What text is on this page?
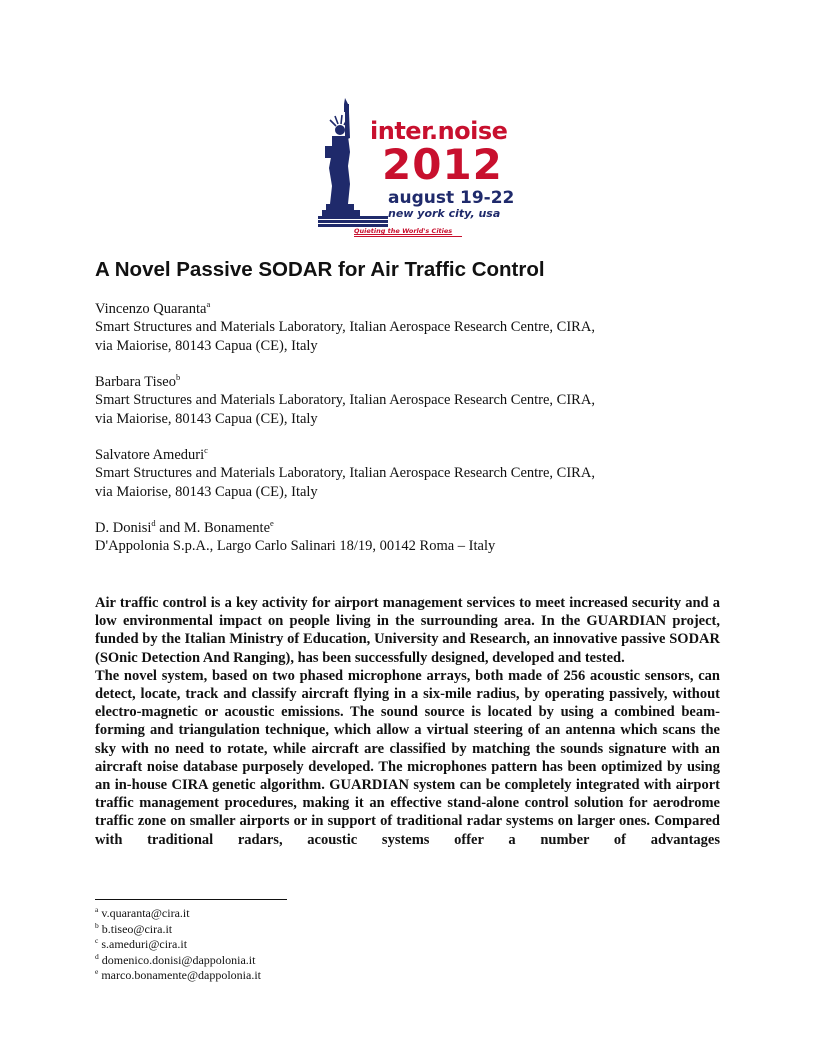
inter.noise
2012
august 19-22
new york city, usa
Quieting the World's Cities
A Novel Passive SODAR for Air Traffic Control
Vincenzo Quaranta$^a$
Smart Structures and Materials Laboratory, Italian Aerospace Research Centre, CIRA,
via Maiorise, 80143 Capua (CE), Italy
Barbara Tiseo$^b$
Smart Structures and Materials Laboratory, Italian Aerospace Research Centre, CIRA,
via Maiorise, 80143 Capua (CE), Italy
Salvatore Ameduri$^c$
Smart Structures and Materials Laboratory, Italian Aerospace Research Centre, CIRA,
via Maiorise, 80143 Capua (CE), Italy
D. Donisi$^d$ and M. Bonamente$^e$
D'Appolonia S.p.A., Largo Carlo Salinari 18/19, 00142 Roma – Italy

Air traffic control is a key activity for airport management services to meet increased security and a low environmental impact on people living in the surrounding area. In the GUARDIAN project, funded by the Italian Ministry of Education, University and Research, an innovative passive SODAR (SOnic Detection And Ranging), has been successfully designed, developed and tested.

The novel system, based on two phased microphone arrays, both made of 256 acoustic sensors, can detect, locate, track and classify aircraft flying in a six-mile radius, by operating passively, without electro-magnetic or acoustic emissions. The sound source is located by using a combined beam-forming and triangulation technique, which allow a virtual steering of an antenna which scans the sky with no need to rotate, while aircraft are classified by matching the sounds signature with an aircraft noise database purposely developed. The microphones pattern has been optimized by using an in-house CIRA genetic algorithm. GUARDIAN system can be completely integrated with airport traffic management procedures, making it an effective stand-alone control solution for aerodrome traffic zone on smaller airports or in support of traditional radar systems on larger ones. Compared with traditional radars, acoustic systems offer a number of advantages

$^a$ v.quaranta@cira.it
$^b$ b.tiseo@cira.it
$^c$ s.ameduri@cira.it
$^d$ domenico.donisi@dappolonia.it
$^e$ marco.bonamente@dappolonia.it
